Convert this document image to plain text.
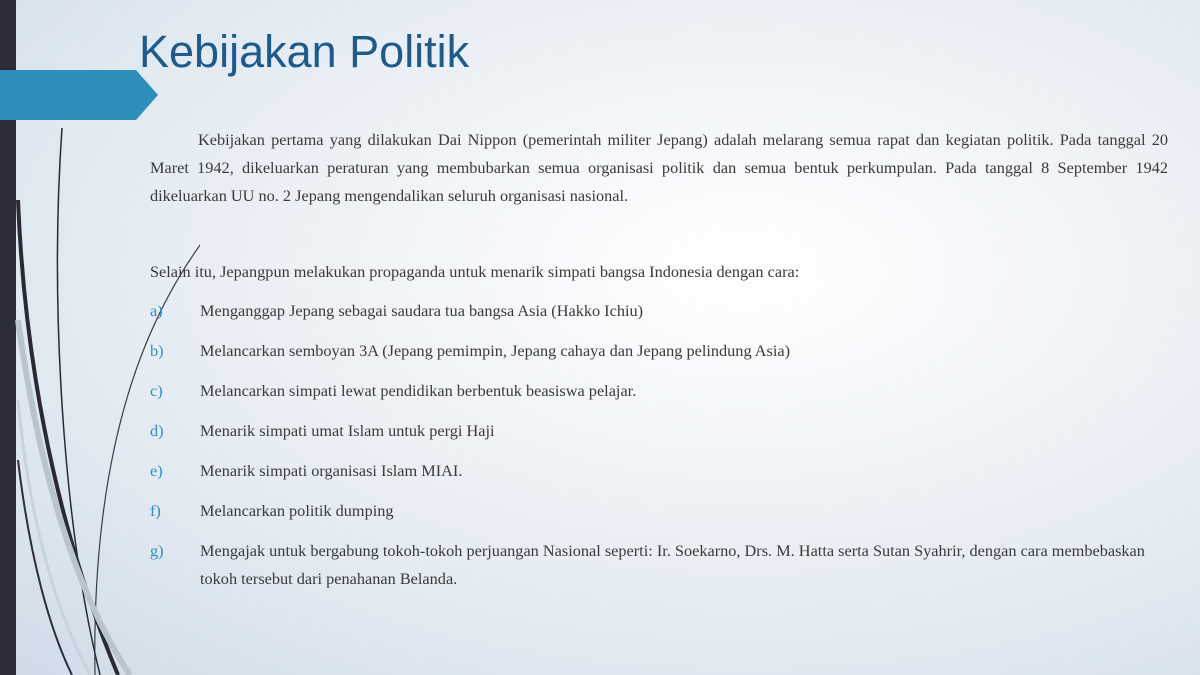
Kebijakan Politik

Kebijakan pertama yang dilakukan Dai Nippon (pemerintah militer Jepang) adalah melarang semua rapat dan kegiatan politik. Pada tanggal 20 Maret 1942, dikeluarkan peraturan yang membubarkan semua organisasi politik dan semua bentuk perkumpulan. Pada tanggal 8 September 1942 dikeluarkan UU no. 2 Jepang mengendalikan seluruh organisasi nasional.

Selain itu, Jepangpun melakukan propaganda untuk menarik simpati bangsa Indonesia dengan cara:

a)	Menganggap Jepang sebagai saudara tua bangsa Asia (Hakko Ichiu)
b)	Melancarkan semboyan 3A (Jepang pemimpin, Jepang cahaya dan Jepang pelindung Asia)
c)	Melancarkan simpati lewat pendidikan berbentuk beasiswa pelajar.
d)	Menarik simpati umat Islam untuk pergi Haji
e)	Menarik simpati organisasi Islam MIAI.
f)	Melancarkan politik dumping
g)	Mengajak untuk bergabung tokoh-tokoh perjuangan Nasional seperti: Ir. Soekarno, Drs. M. Hatta serta Sutan Syahrir, dengan cara membebaskan tokoh tersebut dari penahanan Belanda.
